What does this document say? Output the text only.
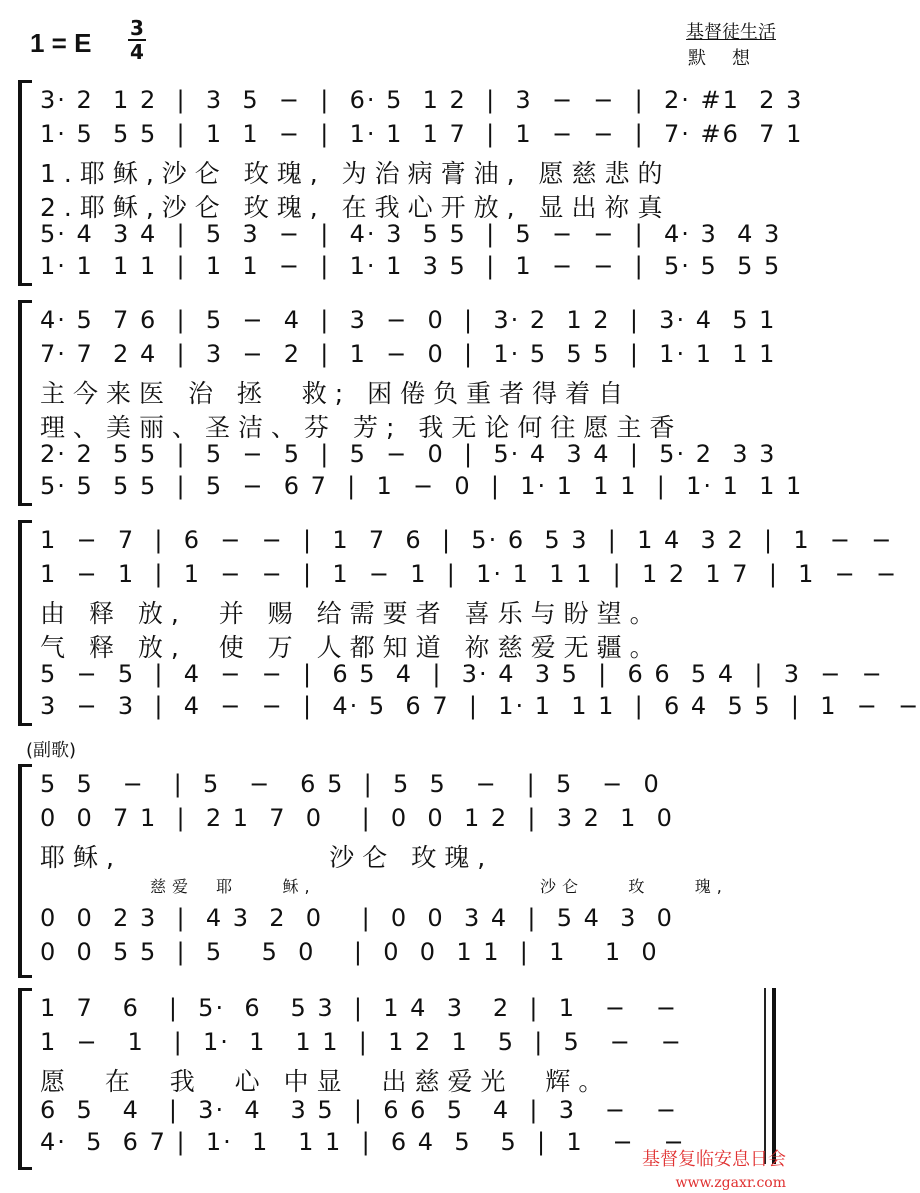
1 = E 3
4
基督徒生活
默想
3· 2  1 2  |  3  5  −  |  6· 5  1 2  |  3  −  −  |  2· #1  2 3
1· 5  5 5  |  1  1  −  |  1· 1  1 7  |  1  −  −  |  7· #6  7 1
1.耶稣,沙仑 玫瑰, 为治病膏油, 愿慈悲的
2.耶稣,沙仑 玫瑰, 在我心开放, 显出祢真
5· 4  3 4  |  5  3  −  |  4· 3  5 5  |  5  −  −  |  4· 3  4 3
1· 1  1 1  |  1  1  −  |  1· 1  3 5  |  1  −  −  |  5· 5  5 5
4· 5  7 6  |  5  −  4  |  3  −  0  |  3· 2  1 2  |  3· 4  5 1
7· 7  2 4  |  3  −  2  |  1  −  0  |  1· 5  5 5  |  1· 1  1 1
主今来医 治 拯  救; 困倦负重者得着自
理、美丽、圣洁、芬 芳; 我无论何往愿主香
2· 2  5 5  |  5  −  5  |  5  −  0  |  5· 4  3 4  |  5· 2  3 3
5· 5  5 5  |  5  −  6 7  |  1  −  0  |  1· 1  1 1  |  1· 1  1 1
1  −  7  |  6  −  −  |  1  7  6  |  5· 6  5 3  |  1 4  3 2  |  1  −  −
1  −  1  |  1  −  −  |  1  −  1  |  1· 1  1 1  |  1 2  1 7  |  1  −  −
由 释 放,  并 赐 给需要者 喜乐与盼望。
气 释 放,  使 万 人都知道 祢慈爱无疆。
5  −  5  |  4  −  −  |  6 5  4  |  3· 4  3 5  |  6 6  5 4  |  3  −  −
3  −  3  |  4  −  −  |  4· 5  6 7  |  1· 1  1 1  |  6 4  5 5  |  1  −  −
(副歌)
5  5   −   |  5   −   6 5  |  5  5   −   |  5   −  0
0  0  7 1  |  2 1  7  0    |  0  0  1 2  |  3 2  1  0
耶稣,             沙仑 玫瑰,
慈爱  耶    稣,	沙仑    玫    瑰,
0  0  2 3  |  4 3  2  0    |  0  0  3 4  |  5 4  3  0
0  0  5 5  |  5    5  0    |  0  0  1 1  |  1    1  0
1  7   6   |  5·  6   5 3  |  1 4  3   2  |  1   −   −
1  −   1   |  1·  1   1 1  |  1 2  1   5  |  5   −   −
愿  在  我  心 中显  出慈爱光  辉。
6  5   4   |  3·  4   3 5  |  6 6  5   4  |  3   −   −
4·  5  6 7 |  1·  1   1 1  |  6 4  5   5  |  1   −   −
基督复临安息日会
www.zgaxr.com
